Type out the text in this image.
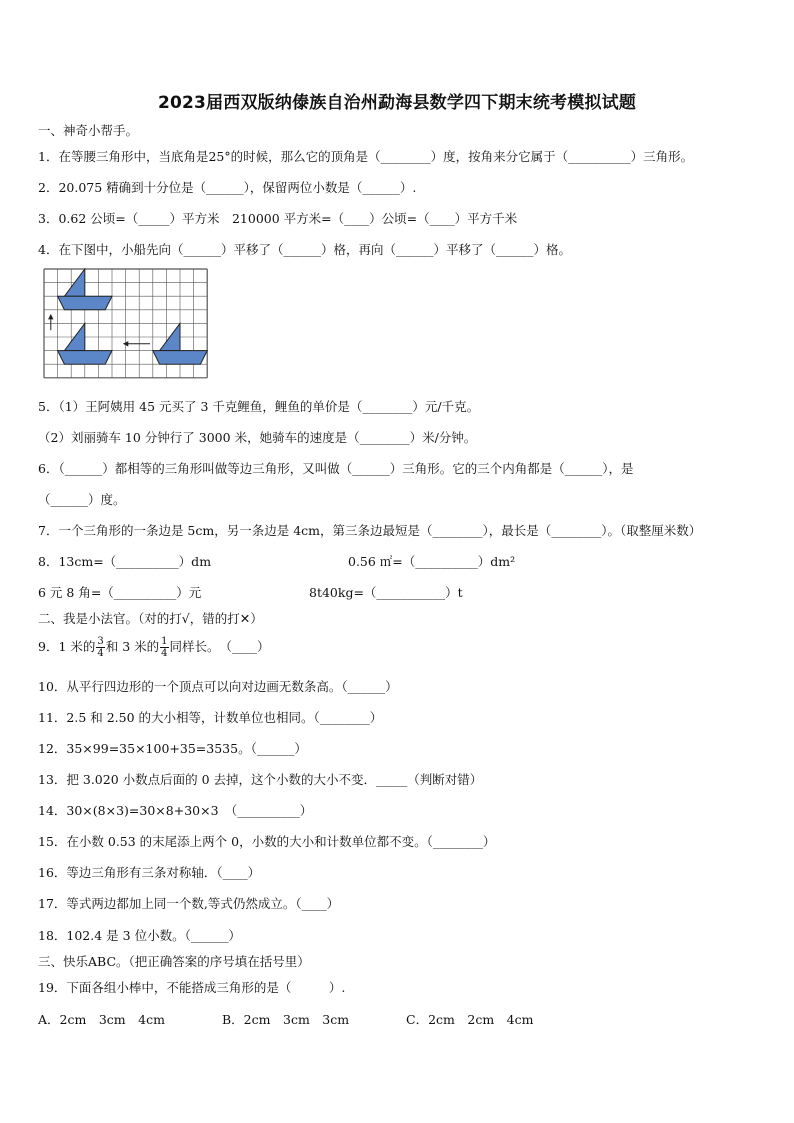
2023届西双版纳傣族自治州勐海县数学四下期末统考模拟试题
一、神奇小帮手。
1．在等腰三角形中，当底角是25°的时候，那么它的顶角是（________）度，按角来分它属于（__________）三角形。
2．20.075 精确到十分位是（______），保留两位小数是（______）.
3．0.62 公顷=（_____）平方米　210000 平方米=（____）公顷=（____）平方千米
4．在下图中，小船先向（______）平移了（______）格，再向（______）平移了（______）格。
5．（1）王阿姨用 45 元买了 3 千克鲤鱼，鲤鱼的单价是（________）元/千克。
（2）刘丽骑车 10 分钟行了 3000 米，她骑车的速度是（________）米/分钟。
6．（______）都相等的三角形叫做等边三角形，又叫做（______）三角形。它的三个内角都是（______），是
（______）度。
7．一个三角形的一条边是 5cm，另一条边是 4cm，第三条边最短是（________），最长是（________）。（取整厘米数）
8．13cm=（__________）dm	0.56 ㎡=（__________）dm²
6 元 8 角=（__________）元	8t40kg=（___________）t
二、我是小法官。（对的打√，错的打✕）
9．1 米的 $\frac{3}{4}$ 和 3 米的 $\frac{1}{4}$ 同样长。　（____）
10．从平行四边形的一个顶点可以向对边画无数条高。（______）
11．2.5 和 2.50 的大小相等，计数单位也相同。（________）
12．35×99=35×100+35=3535。（______）
13．把 3.020 小数点后面的 0 去掉，这个小数的大小不变．_____（判断对错）
14．30×(8×3)=30×8+30×3　（__________）
15．在小数 0.53 的末尾添上两个 0，小数的大小和计数单位都不变。（________）
16．等边三角形有三条对称轴．（____）
17．等式两边都加上同一个数,等式仍然成立。（____）
18．102.4 是 3 位小数。（______）
三、快乐ABC。（把正确答案的序号填在括号里）
19．下面各组小棒中，不能搭成三角形的是（　　　）.
A．2cm　3cm　4cm	B．2cm　3cm　3cm	C．2cm　2cm　4cm
